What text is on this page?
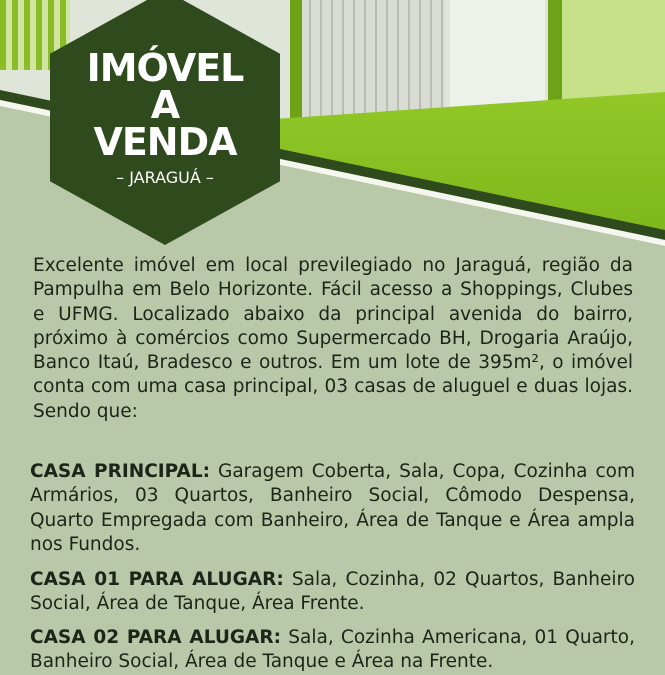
IMÓVEL
A
VENDA
– JARAGUÁ –
Excelente imóvel em local previlegiado no Jaraguá, região da Pampulha em Belo Horizonte. Fácil acesso a Shoppings, Clubes e UFMG. Localizado abaixo da principal avenida do bairro, próximo à comércios como Supermercado BH, Drogaria Araújo, Banco Itaú, Bradesco e outros. Em um lote de 395m², o imóvel conta com uma casa principal, 03 casas de aluguel e duas lojas. Sendo que:
CASA PRINCIPAL: Garagem Coberta, Sala, Copa, Cozinha com Armários, 03 Quartos, Banheiro Social, Cômodo Despensa, Quarto Empregada com Banheiro, Área de Tanque e Área ampla nos Fundos.
CASA 01 PARA ALUGAR: Sala, Cozinha, 02 Quartos, Banheiro Social, Área de Tanque, Área Frente.
CASA 02 PARA ALUGAR: Sala, Cozinha Americana, 01 Quarto, Banheiro Social, Área de Tanque e Área na Frente.
